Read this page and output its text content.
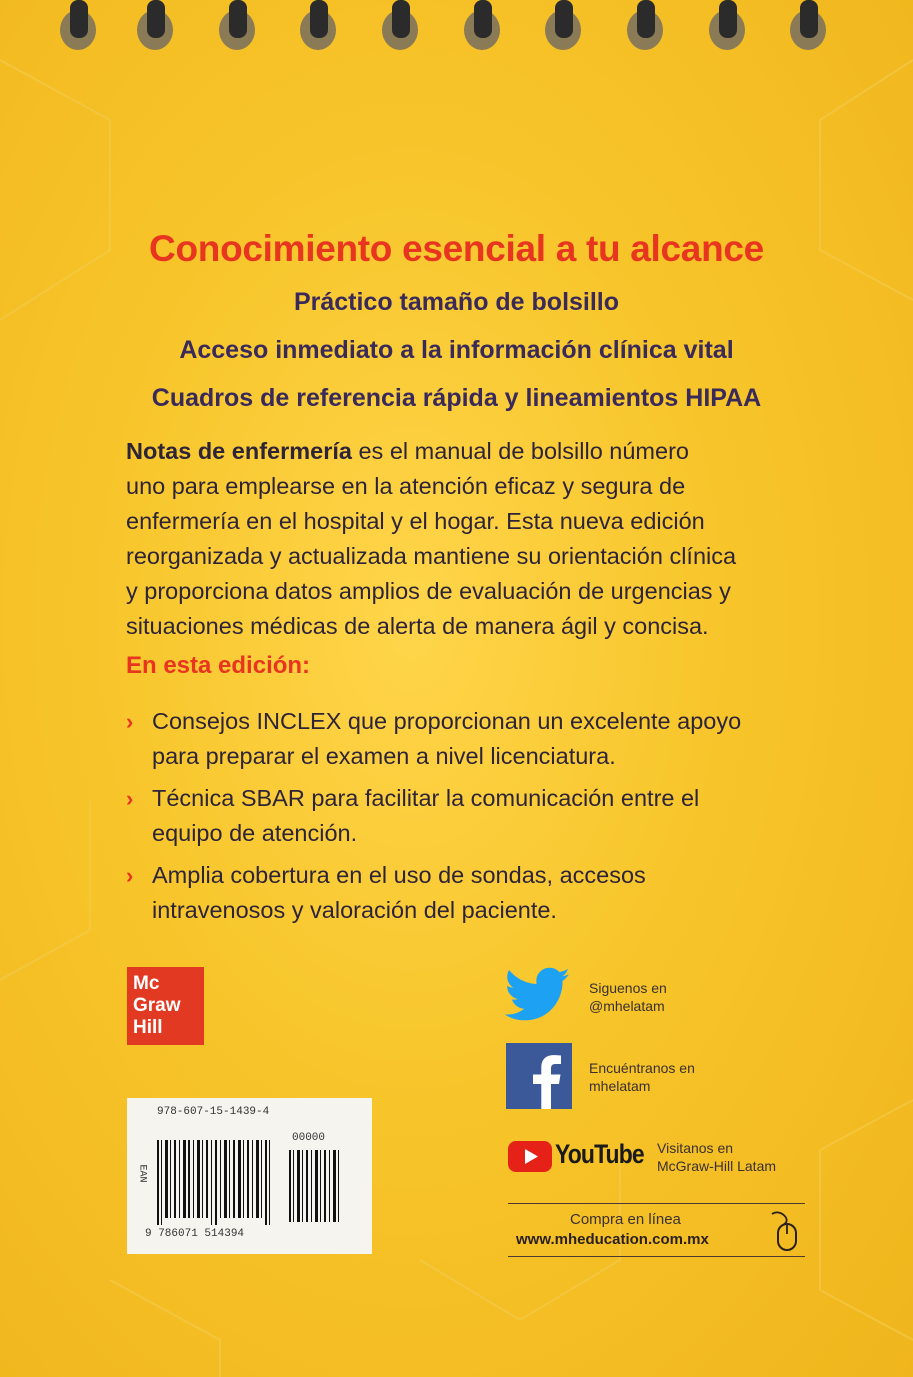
Conocimiento esencial a tu alcance
Práctico tamaño de bolsillo
Acceso inmediato a la información clínica vital
Cuadros de referencia rápida y lineamientos HIPAA
Notas de enfermería es el manual de bolsillo número
uno para emplearse en la atención eficaz y segura de
enfermería en el hospital y el hogar. Esta nueva edición
reorganizada y actualizada mantiene su orientación clínica
y proporciona datos amplios de evaluación de urgencias y
situaciones médicas de alerta de manera ágil y concisa.
En esta edición:
› Consejos INCLEX que proporcionan un excelente apoyo
para preparar el examen a nivel licenciatura.
› Técnica SBAR para facilitar la comunicación entre el
equipo de atención.
› Amplia cobertura en el uso de sondas, accesos
intravenosos y valoración del paciente.
Mc
Graw
Hill
978-607-15-1439-4
00000
EAN
9 786071 514394
Siguenos en
@mhelatam
Encuéntranos en
mhelatam
YouTube Visitanos en
McGraw-Hill Latam
Compra en línea
www.mheducation.com.mx
